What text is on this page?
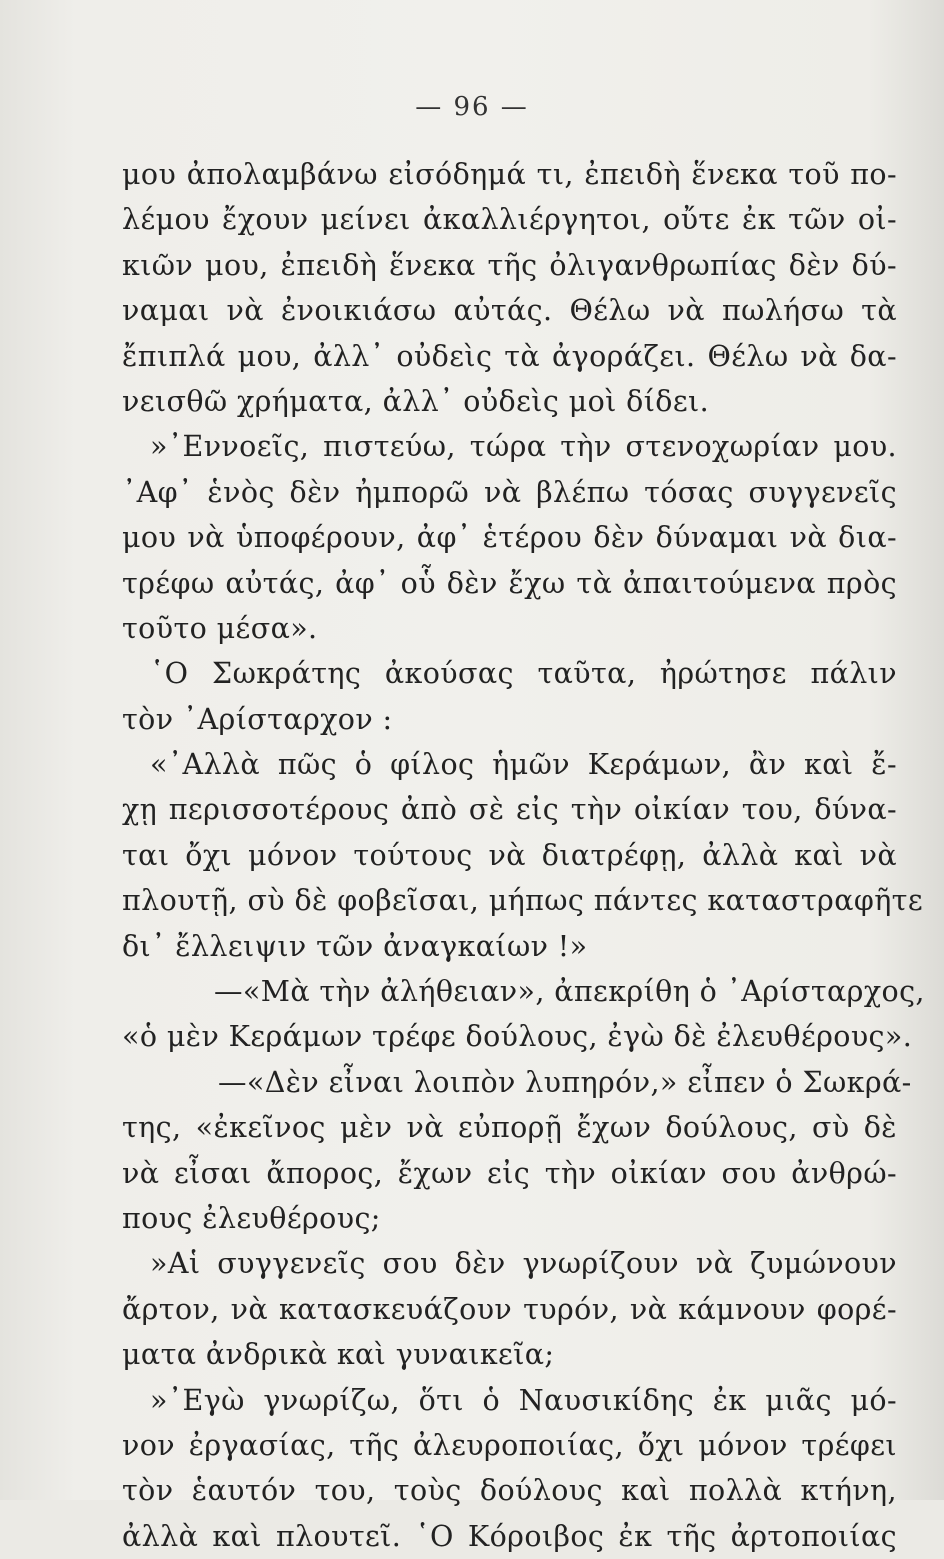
— 96 —
μου ἀπολαμβάνω εἰσόδημά τι, ἐπειδὴ ἕνεκα τοῦ πο-
λέμου ἔχουν μείνει ἀκαλλιέργητοι, οὔτε ἐκ τῶν οἰ-
κιῶν μου, ἐπειδὴ ἕνεκα τῆς ὀλιγανθρωπίας δὲν δύ-
ναμαι νὰ ἐνοικιάσω αὐτάς. Θέλω νὰ πωλήσω τὰ
ἔπιπλά μου, ἀλλ᾽ οὐδεὶς τὰ ἀγοράζει. Θέλω νὰ δα-
νεισθῶ χρήματα, ἀλλ᾽ οὐδεὶς μοὶ δίδει.
»᾽Εννοεῖς, πιστεύω, τώρα τὴν στενοχωρίαν μου.
᾽Αφ᾽ ἑνὸς δὲν ἠμπορῶ νὰ βλέπω τόσας συγγενεῖς
μου νὰ ὑποφέρουν, ἀφ᾽ ἑτέρου δὲν δύναμαι νὰ δια-
τρέφω αὐτάς, ἀφ᾽ οὗ δὲν ἔχω τὰ ἀπαιτούμενα πρὸς
τοῦτο μέσα».
῾Ο Σωκράτης ἀκούσας ταῦτα, ἠρώτησε πάλιν
τὸν ᾽Αρίσταρχον :
«᾽Αλλὰ πῶς ὁ φίλος ἡμῶν Κεράμων, ἂν καὶ ἔ-
χῃ περισσοτέρους ἀπὸ σὲ εἰς τὴν οἰκίαν του, δύνα-
ται ὄχι μόνον τούτους νὰ διατρέφῃ, ἀλλὰ καὶ νὰ
πλουτῇ, σὺ δὲ φοβεῖσαι, μήπως πάντες καταστραφῆτε
δι᾽ ἔλλειψιν τῶν ἀναγκαίων !»
—«Μὰ τὴν ἀλήθειαν», ἀπεκρίθη ὁ ᾽Αρίσταρχος,
«ὁ μὲν Κεράμων τρέφε δούλους, ἐγὼ δὲ ἐλευθέρους».
—«Δὲν εἶναι λοιπὸν λυπηρόν,» εἶπεν ὁ Σωκρά-
της, «ἐκεῖνος μὲν νὰ εὐπορῇ ἔχων δούλους, σὺ δὲ
νὰ εἶσαι ἄπορος, ἔχων εἰς τὴν οἰκίαν σου ἀνθρώ-
πους ἐλευθέρους;
»Αἱ συγγενεῖς σου δὲν γνωρίζουν νὰ ζυμώνουν
ἄρτον, νὰ κατασκευάζουν τυρόν, νὰ κάμνουν φορέ-
ματα ἀνδρικὰ καὶ γυναικεῖα;
»᾽Εγὼ γνωρίζω, ὅτι ὁ Ναυσικίδης ἐκ μιᾶς μό-
νον ἐργασίας, τῆς ἀλευροποιίας, ὄχι μόνον τρέφει
τὸν ἑαυτόν του, τοὺς δούλους καὶ πολλὰ κτήνη,
ἀλλὰ καὶ πλουτεῖ. ῾Ο Κόροιβος ἐκ τῆς ἀρτοποιίας
